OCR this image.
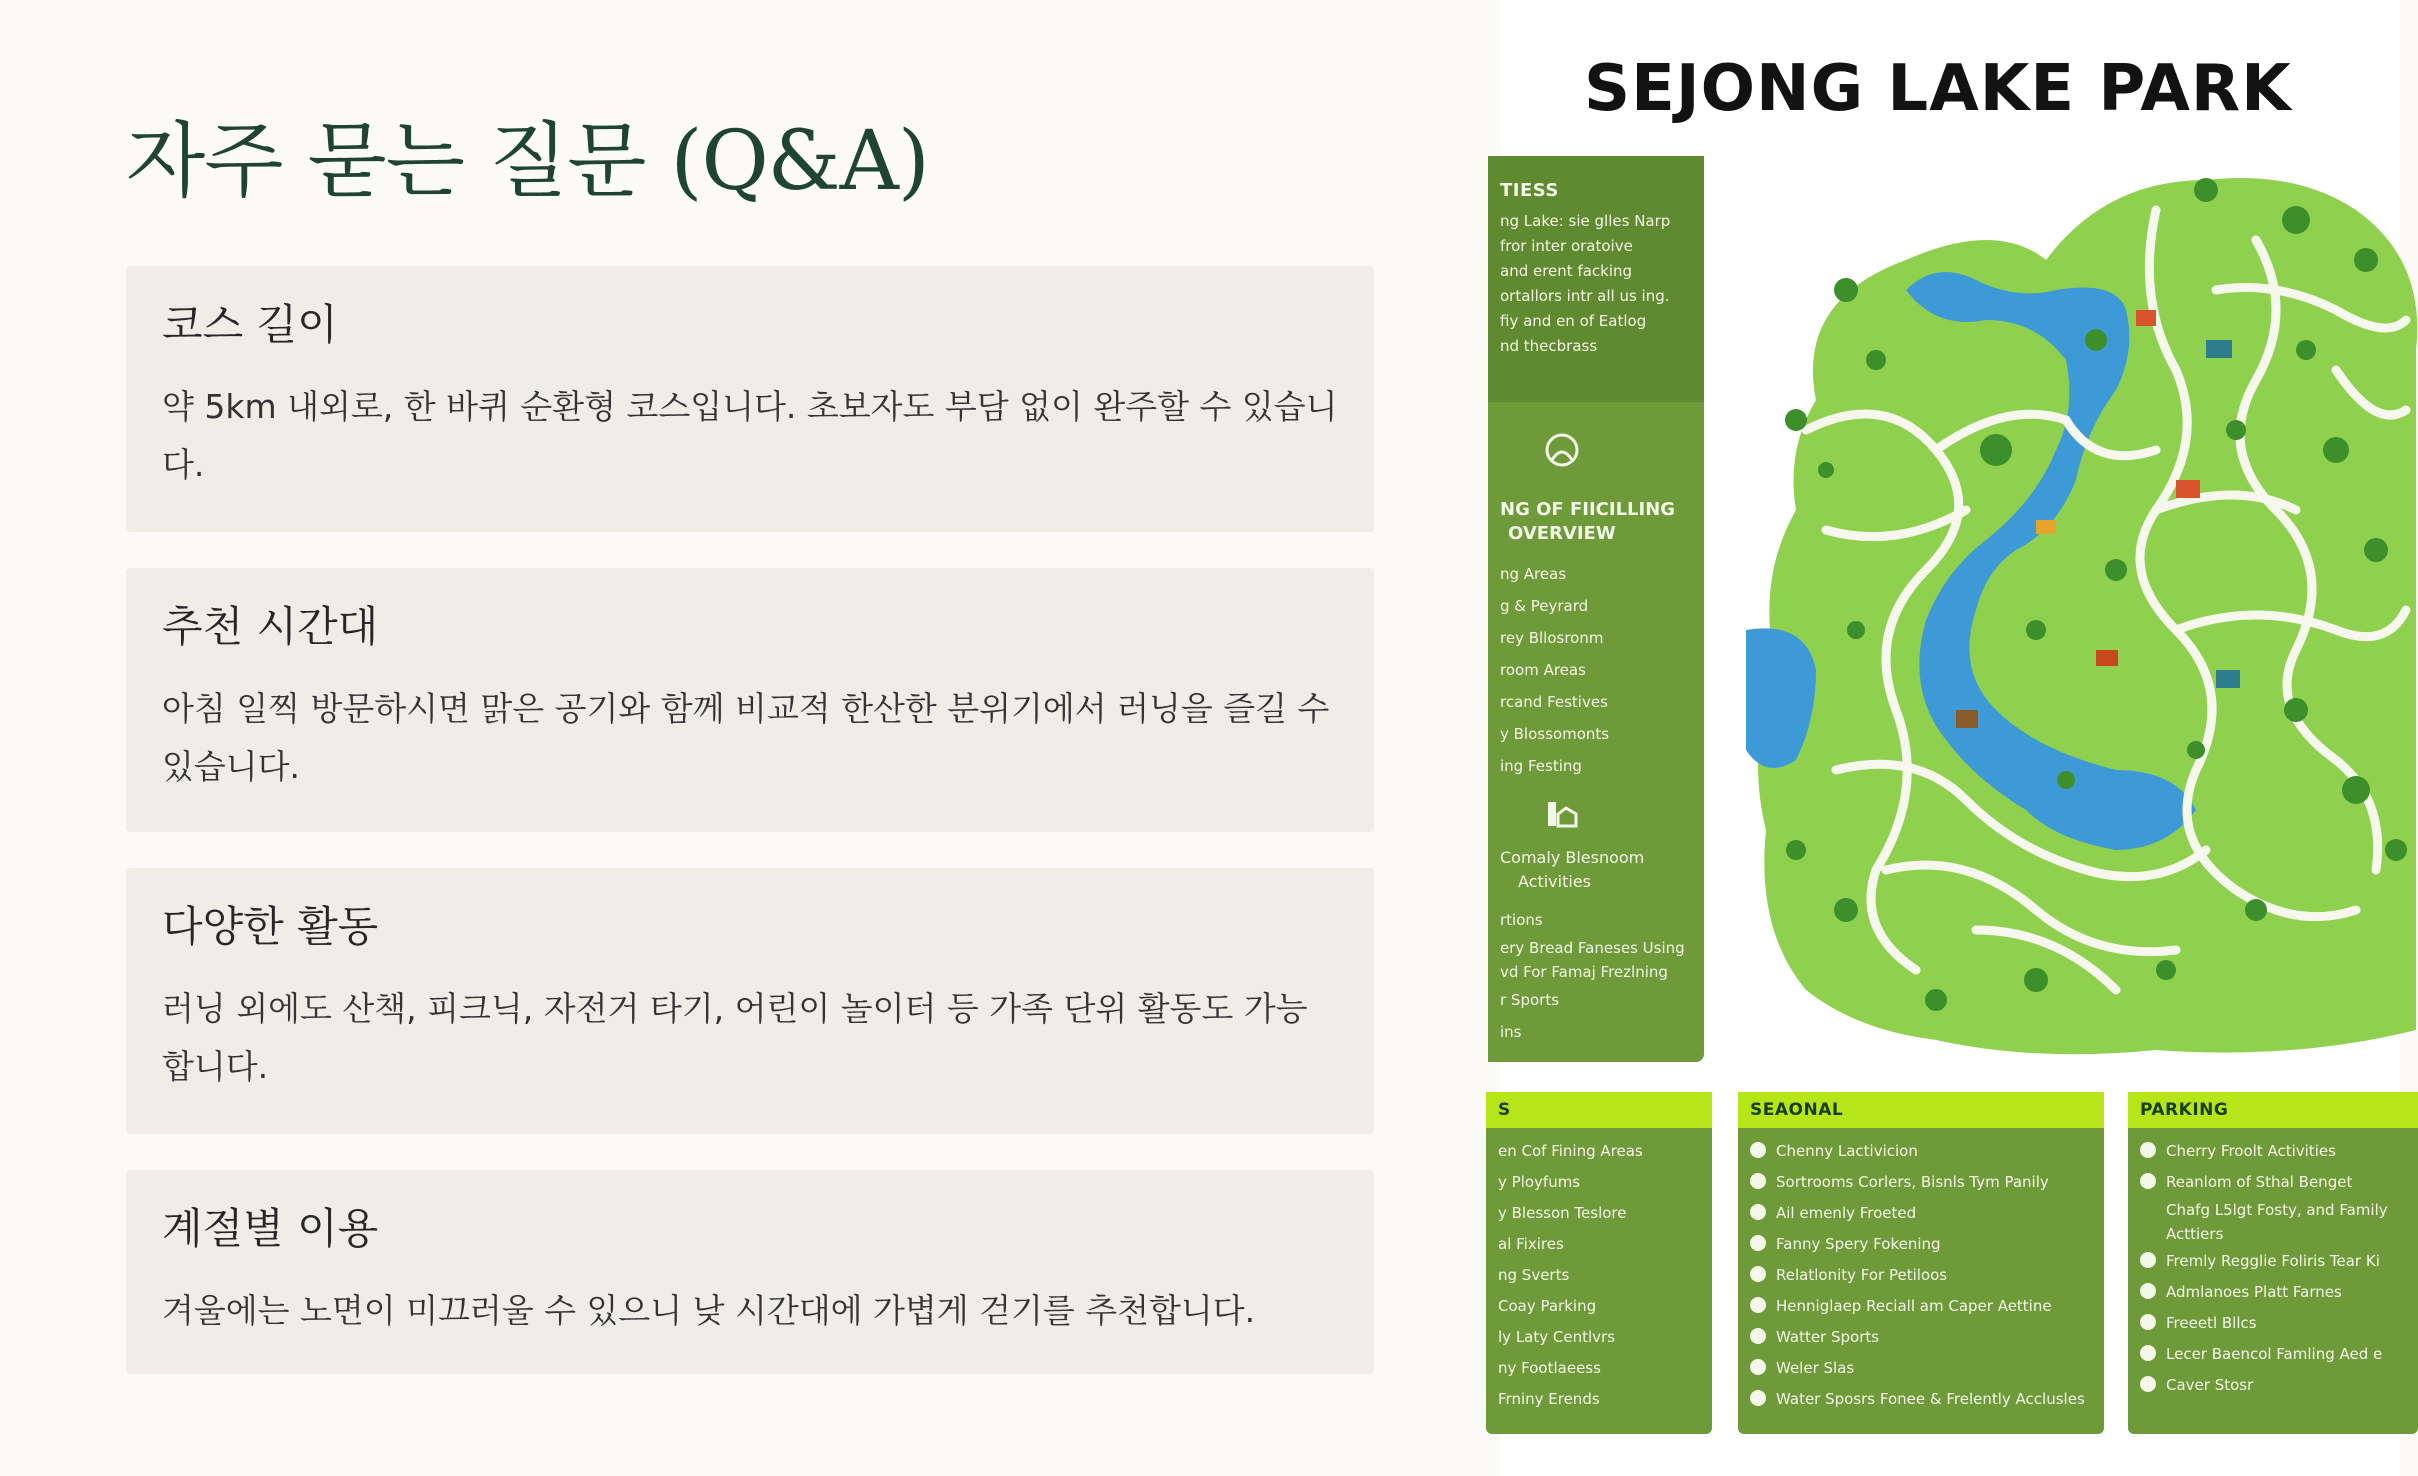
자주 묻는 질문 (Q&A)
코스 길이
약 5km 내외로, 한 바퀴 순환형 코스입니다. 초보자도 부담 없이 완주할 수 있습니다.
추천 시간대
아침 일찍 방문하시면 맑은 공기와 함께 비교적 한산한 분위기에서 러닝을 즐길 수 있습니다.
다양한 활동
러닝 외에도 산책, 피크닉, 자전거 타기, 어린이 놀이터 등 가족 단위 활동도 가능합니다.
계절별 이용
겨울에는 노면이 미끄러울 수 있으니 낮 시간대에 가볍게 걷기를 추천합니다.
SEJONG LAKE PARK
TIESS
ng Lake: sie glles Narp
fror inter oratoive
and erent facking
ortallors intr all us ing.
fiy and en of Eatlog
nd thecbrass
NG OF FIICILLING
OVERVIEW
ng Areas
g & Peyrard
rey Bllosronm
room Areas
rcand Festives
y Blossomonts
ing Festing
Comaly Blesnoom
Activities
rtions
ery Bread Faneses Using
vd For Famaj Frezlning
r Sports
ins
S
en Cof Fining Areas
y Ployfums
y Blesson Teslore
al Fixires
ng Sverts
Coay Parking
ly Laty Centlvrs
ny Footlaeess
Frniny Erends
SEAONAL
Chenny Lactivicion
Sortrooms Corlers, Bisnls Tym Panily
Ail emenly Froeted
Fanny Spery Fokening
Relatlonity For Petiloos
Henniglaep Reciall am Caper Aettine
Watter Sports
Weler Slas
Water Sposrs Fonee & Frelently Acclusles
PARKING
Cherry Froolt Activities
Reanlom of Sthal Benget
Chafg L5lgt Fosty, and Family
Acttiers
Fremly Regglie Foliris Tear Ki
Admlanoes Platt Farnes
Freeetl Bllcs
Lecer Baencol Famling Aed e
Caver Stosr
